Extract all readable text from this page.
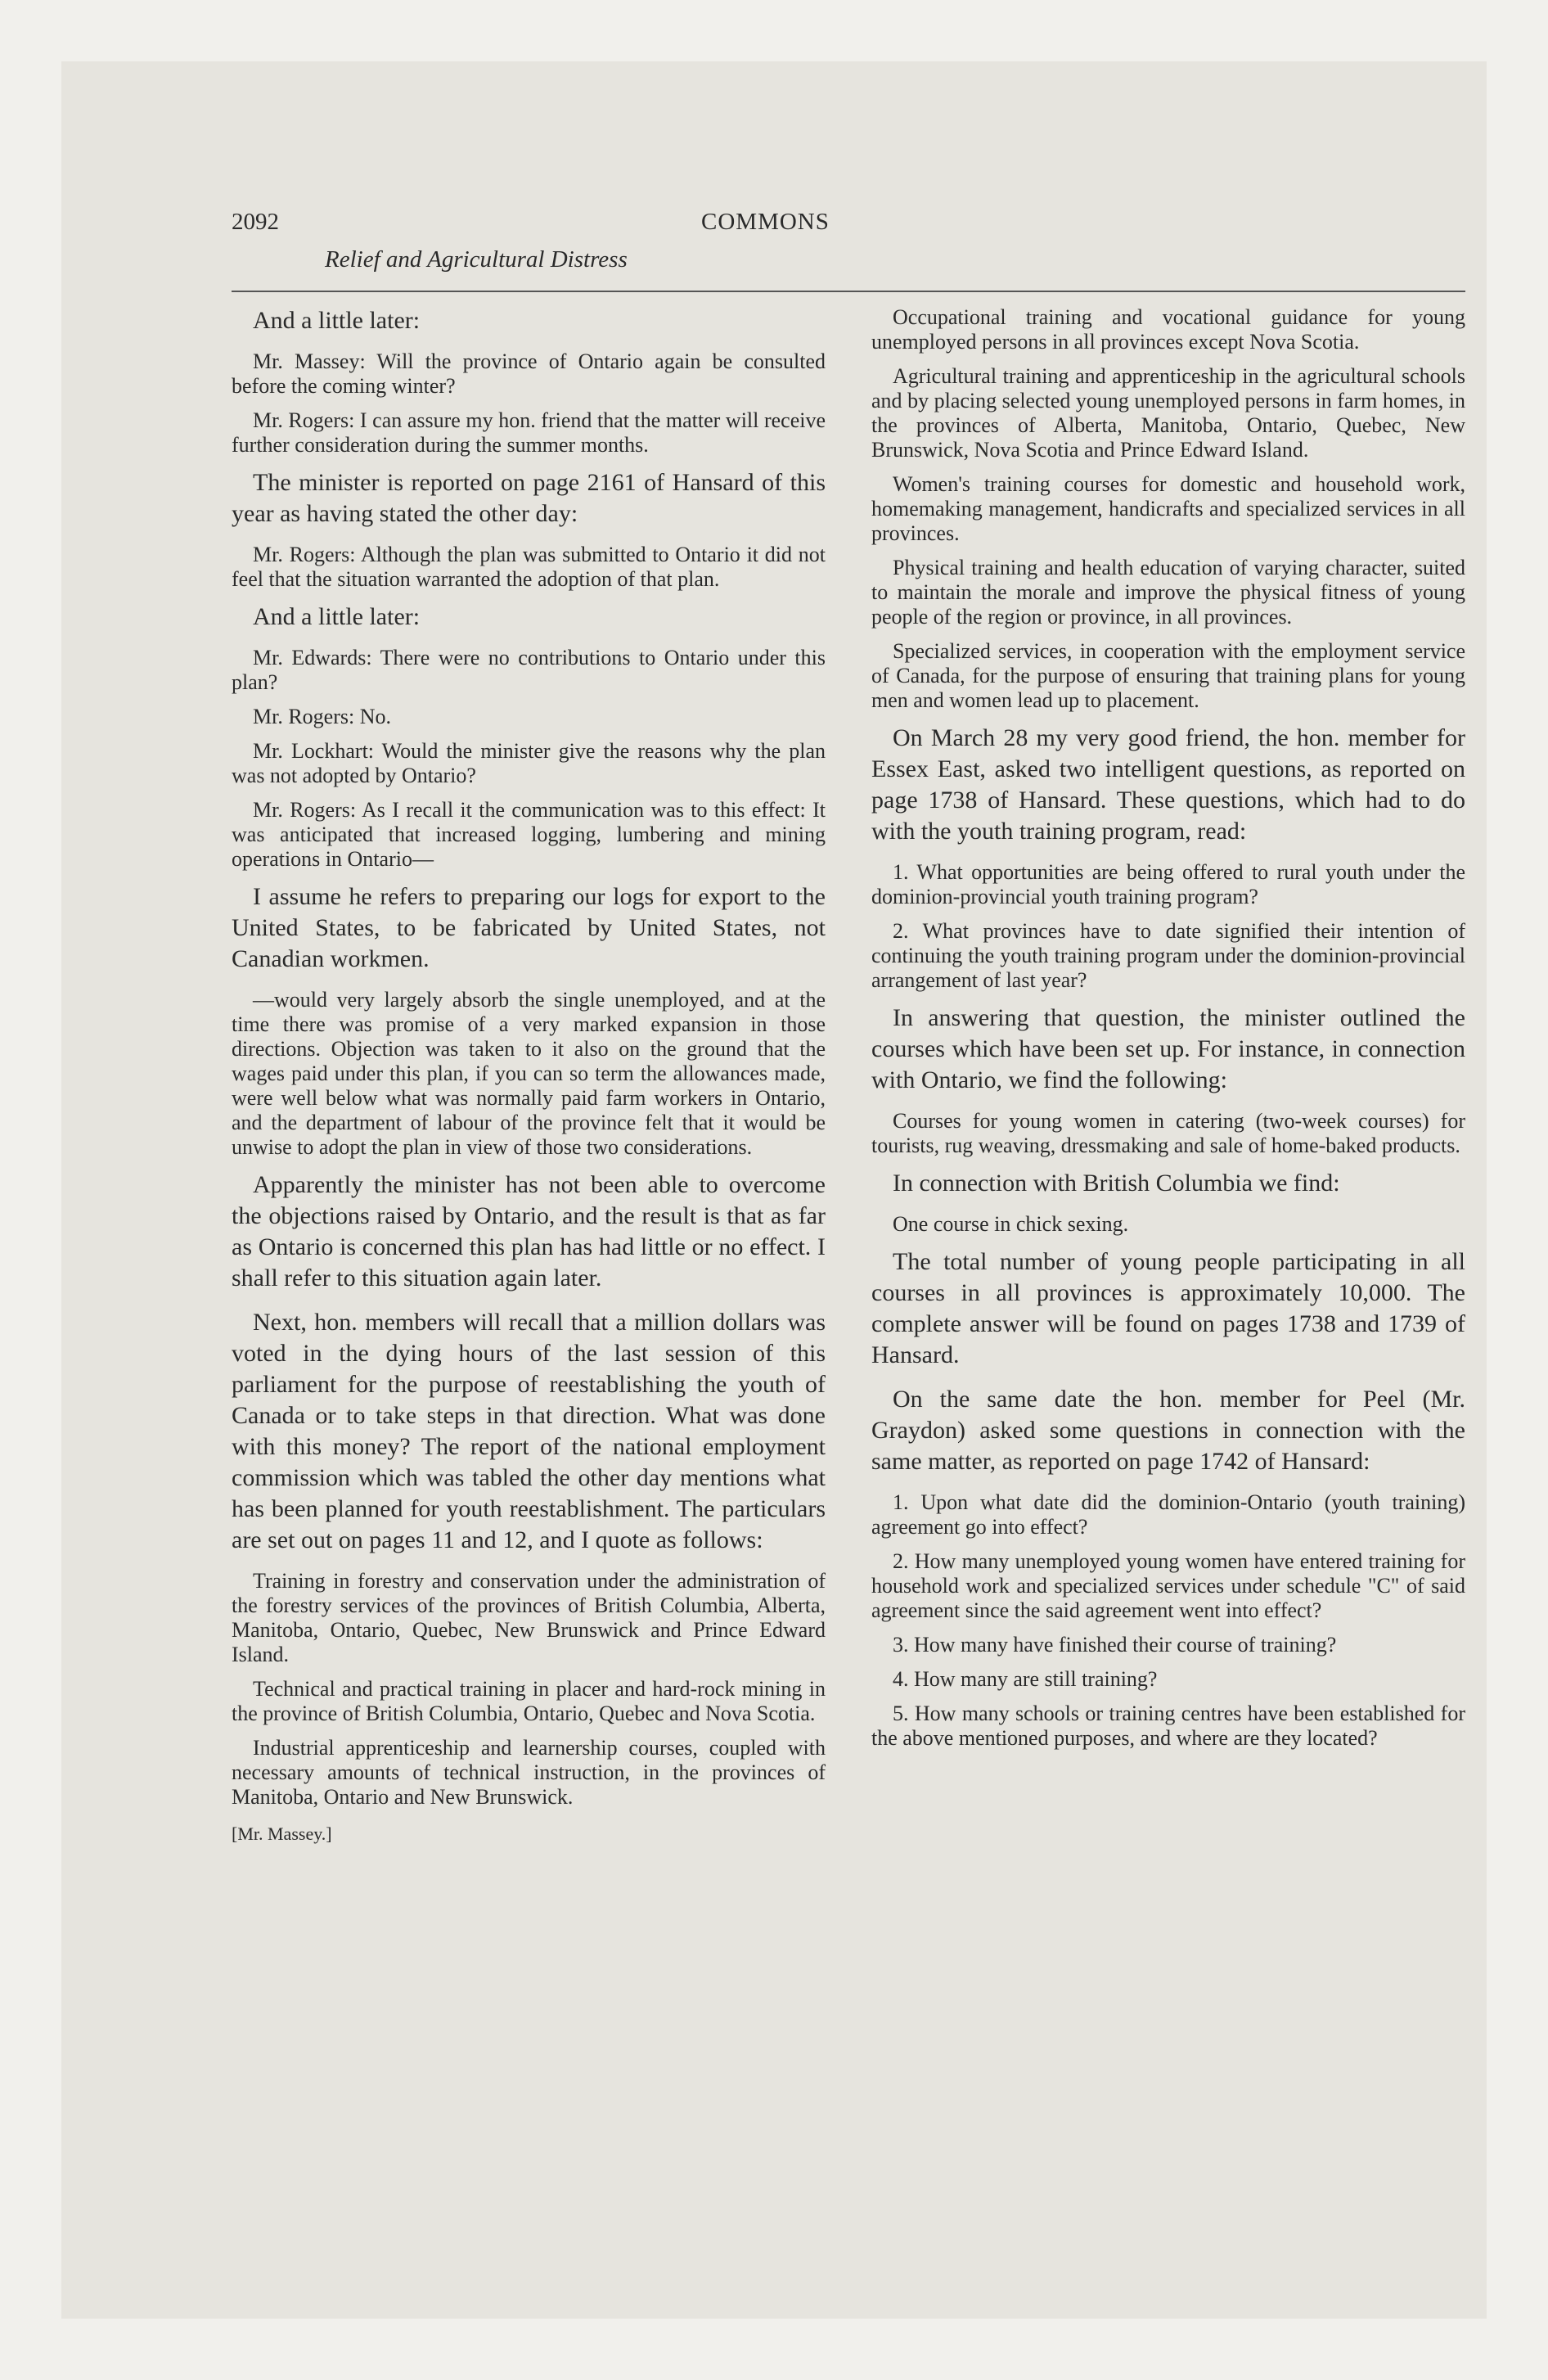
2092	COMMONS
Relief and Agricultural Distress

And a little later:

Mr. Massey: Will the province of Ontario again be consulted before the coming winter?

Mr. Rogers: I can assure my hon. friend that the matter will receive further consideration during the summer months.

The minister is reported on page 2161 of Hansard of this year as having stated the other day:

Mr. Rogers: Although the plan was submitted to Ontario it did not feel that the situation warranted the adoption of that plan.

And a little later:

Mr. Edwards: There were no contributions to Ontario under this plan?

Mr. Rogers: No.

Mr. Lockhart: Would the minister give the reasons why the plan was not adopted by Ontario?

Mr. Rogers: As I recall it the communication was to this effect: It was anticipated that increased logging, lumbering and mining operations in Ontario—

I assume he refers to preparing our logs for export to the United States, to be fabricated by United States, not Canadian workmen.

—would very largely absorb the single unemployed, and at the time there was promise of a very marked expansion in those directions. Objection was taken to it also on the ground that the wages paid under this plan, if you can so term the allowances made, were well below what was normally paid farm workers in Ontario, and the department of labour of the province felt that it would be unwise to adopt the plan in view of those two considerations.

Apparently the minister has not been able to overcome the objections raised by Ontario, and the result is that as far as Ontario is concerned this plan has had little or no effect. I shall refer to this situation again later.

Next, hon. members will recall that a million dollars was voted in the dying hours of the last session of this parliament for the purpose of reestablishing the youth of Canada or to take steps in that direction. What was done with this money? The report of the national employment commission which was tabled the other day mentions what has been planned for youth reestablishment. The particulars are set out on pages 11 and 12, and I quote as follows:

Training in forestry and conservation under the administration of the forestry services of the provinces of British Columbia, Alberta, Manitoba, Ontario, Quebec, New Brunswick and Prince Edward Island.

Technical and practical training in placer and hard-rock mining in the province of British Columbia, Ontario, Quebec and Nova Scotia.

Industrial apprenticeship and learnership courses, coupled with necessary amounts of technical instruction, in the provinces of Manitoba, Ontario and New Brunswick.

[Mr. Massey.]

Occupational training and vocational guidance for young unemployed persons in all provinces except Nova Scotia.

Agricultural training and apprenticeship in the agricultural schools and by placing selected young unemployed persons in farm homes, in the provinces of Alberta, Manitoba, Ontario, Quebec, New Brunswick, Nova Scotia and Prince Edward Island.

Women's training courses for domestic and household work, homemaking management, handicrafts and specialized services in all provinces.

Physical training and health education of varying character, suited to maintain the morale and improve the physical fitness of young people of the region or province, in all provinces.

Specialized services, in cooperation with the employment service of Canada, for the purpose of ensuring that training plans for young men and women lead up to placement.

On March 28 my very good friend, the hon. member for Essex East, asked two intelligent questions, as reported on page 1738 of Hansard. These questions, which had to do with the youth training program, read:

1. What opportunities are being offered to rural youth under the dominion-provincial youth training program?

2. What provinces have to date signified their intention of continuing the youth training program under the dominion-provincial arrangement of last year?

In answering that question, the minister outlined the courses which have been set up. For instance, in connection with Ontario, we find the following:

Courses for young women in catering (two-week courses) for tourists, rug weaving, dressmaking and sale of home-baked products.

In connection with British Columbia we find:

One course in chick sexing.

The total number of young people participating in all courses in all provinces is approximately 10,000. The complete answer will be found on pages 1738 and 1739 of Hansard.

On the same date the hon. member for Peel (Mr. Graydon) asked some questions in connection with the same matter, as reported on page 1742 of Hansard:

1. Upon what date did the dominion-Ontario (youth training) agreement go into effect?

2. How many unemployed young women have entered training for household work and specialized services under schedule "C" of said agreement since the said agreement went into effect?

3. How many have finished their course of training?

4. How many are still training?

5. How many schools or training centres have been established for the above mentioned purposes, and where are they located?
